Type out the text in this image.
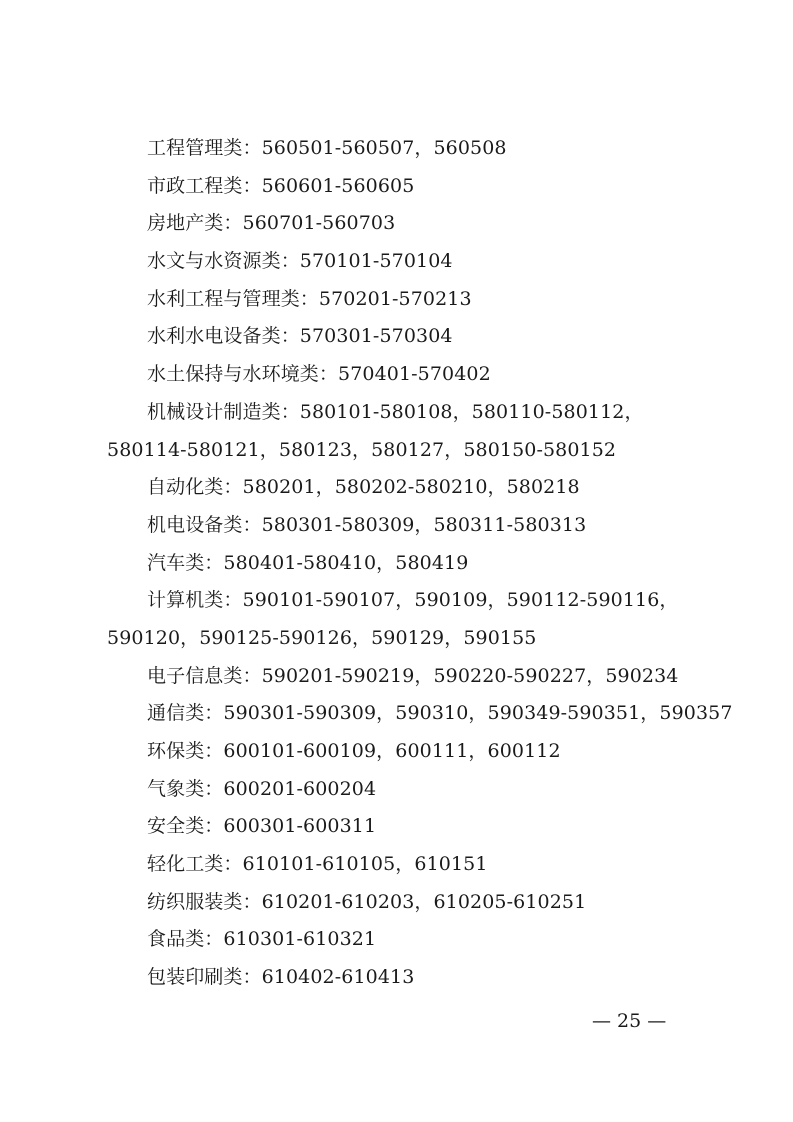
工程管理类：560501-560507，560508
市政工程类：560601-560605
房地产类：560701-560703
水文与水资源类：570101-570104
水利工程与管理类：570201-570213
水利水电设备类：570301-570304
水土保持与水环境类：570401-570402
机械设计制造类：580101-580108，580110-580112，
580114-580121，580123，580127，580150-580152
自动化类：580201，580202-580210，580218
机电设备类：580301-580309，580311-580313
汽车类：580401-580410，580419
计算机类：590101-590107，590109，590112-590116，
590120，590125-590126，590129，590155
电子信息类：590201-590219，590220-590227，590234
通信类：590301-590309，590310，590349-590351，590357
环保类：600101-600109，600111，600112
气象类：600201-600204
安全类：600301-600311
轻化工类：610101-610105，610151
纺织服装类：610201-610203，610205-610251
食品类：610301-610321
包装印刷类：610402-610413
— 25 —
